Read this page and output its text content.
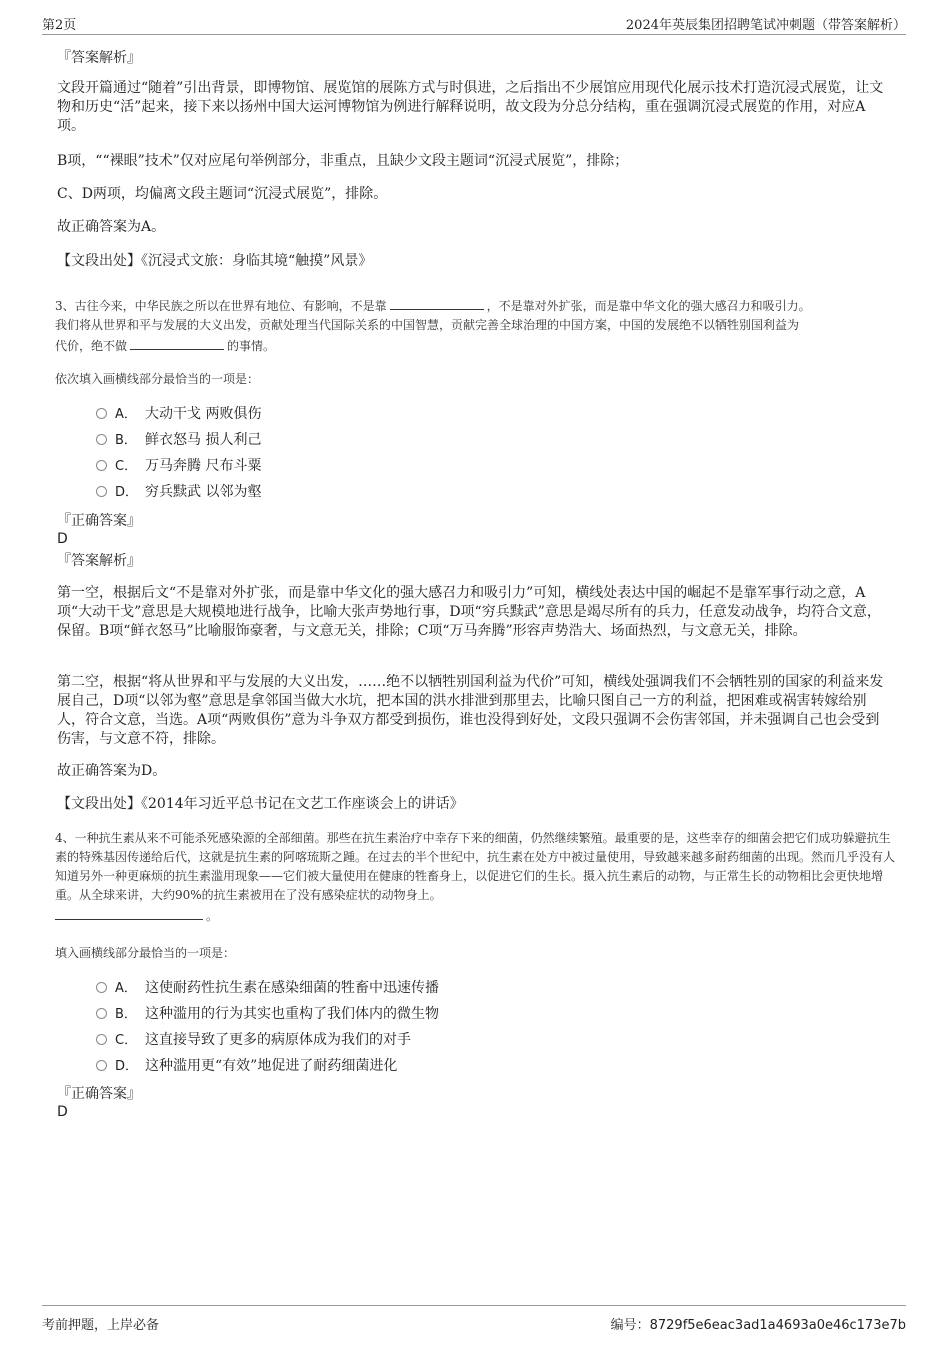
第2页	2024年英辰集团招聘笔试冲刺题（带答案解析）
『答案解析』
文段开篇通过“随着”引出背景，即博物馆、展览馆的展陈方式与时俱进，之后指出不少展馆应用现代化展示技术打造沉浸式展览，让文物和历史“活”起来，接下来以扬州中国大运河博物馆为例进行解释说明，故文段为分总分结构，重在强调沉浸式展览的作用，对应A项。
B项，““裸眼”技术”仅对应尾句举例部分，非重点，且缺少文段主题词“沉浸式展览”，排除；
C、D两项，均偏离文段主题词“沉浸式展览”，排除。
故正确答案为A。
【文段出处】《沉浸式文旅：身临其境“触摸”风景》
3、古往今来，中华民族之所以在世界有地位、有影响，不是靠	，不是靠对外扩张，而是靠中华文化的强大感召力和吸引力。
我们将从世界和平与发展的大义出发，贡献处理当代国际关系的中国智慧，贡献完善全球治理的中国方案，中国的发展绝不以牺牲别国利益为
代价，绝不做	的事情。
依次填入画横线部分最恰当的一项是：
A． 大动干戈 两败俱伤
B． 鲜衣怒马 损人利己
C． 万马奔腾 尺布斗粟
D． 穷兵黩武 以邻为壑
『正确答案』
D
『答案解析』
第一空，根据后文“不是靠对外扩张，而是靠中华文化的强大感召力和吸引力”可知，横线处表达中国的崛起不是靠军事行动之意，A项“大动干戈”意思是大规模地进行战争，比喻大张声势地行事，D项“穷兵黩武”意思是竭尽所有的兵力，任意发动战争，均符合文意，保留。B项“鲜衣怒马”比喻服饰豪奢，与文意无关，排除；C项“万马奔腾”形容声势浩大、场面热烈，与文意无关，排除。
第二空，根据“将从世界和平与发展的大义出发，……绝不以牺牲别国利益为代价”可知，横线处强调我们不会牺牲别的国家的利益来发展自己，D项“以邻为壑”意思是拿邻国当做大水坑，把本国的洪水排泄到那里去，比喻只图自己一方的利益，把困难或祸害转嫁给别人，符合文意，当选。A项“两败俱伤”意为斗争双方都受到损伤，谁也没得到好处，文段只强调不会伤害邻国，并未强调自己也会受到伤害，与文意不符，排除。
故正确答案为D。
【文段出处】《2014年习近平总书记在文艺工作座谈会上的讲话》
4、一种抗生素从来不可能杀死感染源的全部细菌。那些在抗生素治疗中幸存下来的细菌，仍然继续繁殖。最重要的是，这些幸存的细菌会把它们成功躲避抗生素的特殊基因传递给后代，这就是抗生素的阿喀琉斯之踵。在过去的半个世纪中，抗生素在处方中被过量使用，导致越来越多耐药细菌的出现。然而几乎没有人知道另外一种更麻烦的抗生素滥用现象——它们被大量使用在健康的牲畜身上，以促进它们的生长。摄入抗生素后的动物，与正常生长的动物相比会更快地增重。从全球来讲，大约90%的抗生素被用在了没有感染症状的动物身上。
。
填入画横线部分最恰当的一项是：
A． 这使耐药性抗生素在感染细菌的牲畜中迅速传播
B． 这种滥用的行为其实也重构了我们体内的微生物
C． 这直接导致了更多的病原体成为我们的对手
D． 这种滥用更“有效”地促进了耐药细菌进化
『正确答案』
D
考前押题，上岸必备	编号：8729f5e6eac3ad1a4693a0e46c173e7b
